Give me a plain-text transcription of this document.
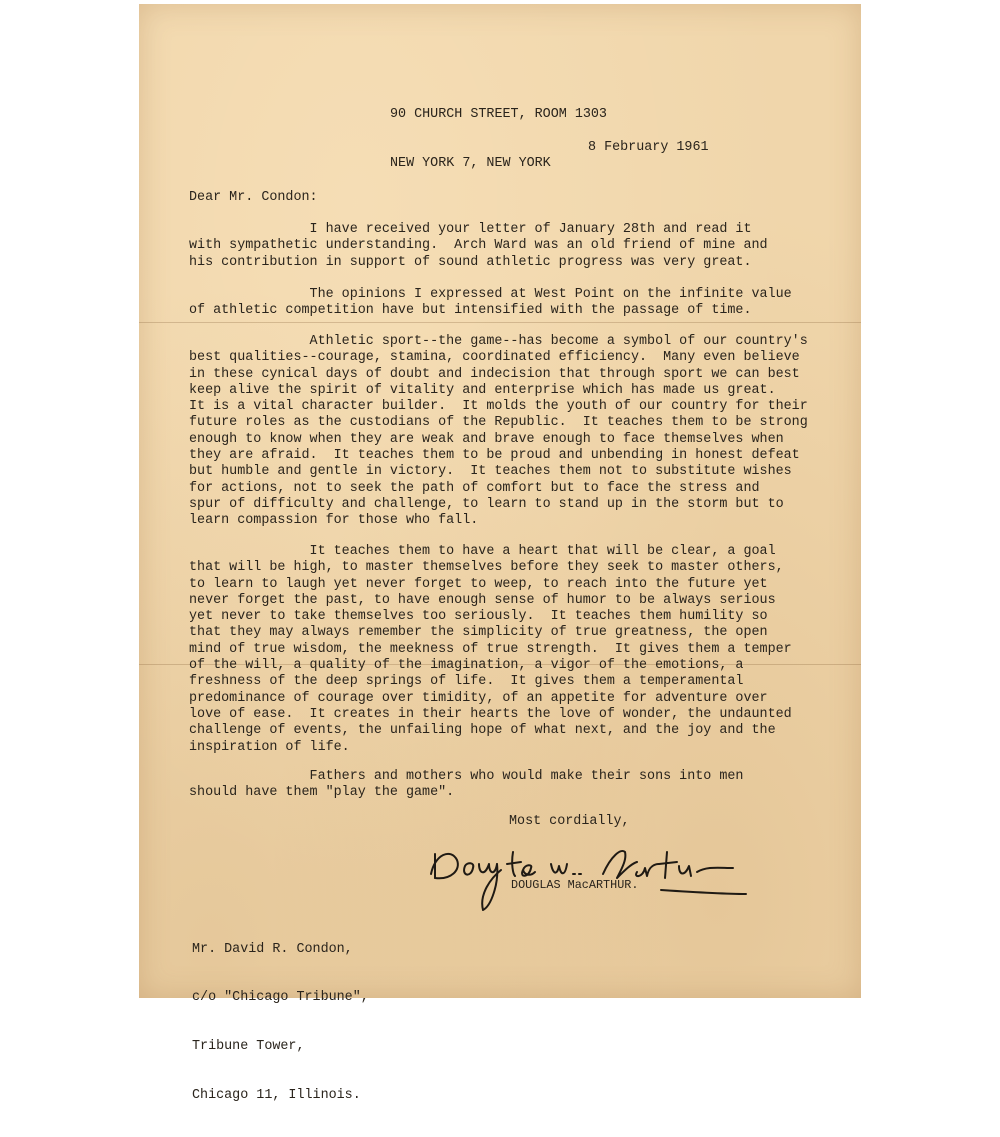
90 CHURCH STREET, ROOM 1303

NEW YORK 7, NEW YORK

8 February 1961
Dear Mr. Condon:
I have received your letter of January 28th and read it
with sympathetic understanding.  Arch Ward was an old friend of mine and
his contribution in support of sound athletic progress was very great.
The opinions I expressed at West Point on the infinite value
of athletic competition have but intensified with the passage of time.
Athletic sport--the game--has become a symbol of our country's
best qualities--courage, stamina, coordinated efficiency.  Many even believe
in these cynical days of doubt and indecision that through sport we can best
keep alive the spirit of vitality and enterprise which has made us great.
It is a vital character builder.  It molds the youth of our country for their
future roles as the custodians of the Republic.  It teaches them to be strong
enough to know when they are weak and brave enough to face themselves when
they are afraid.  It teaches them to be proud and unbending in honest defeat
but humble and gentle in victory.  It teaches them not to substitute wishes
for actions, not to seek the path of comfort but to face the stress and
spur of difficulty and challenge, to learn to stand up in the storm but to
learn compassion for those who fall.
It teaches them to have a heart that will be clear, a goal
that will be high, to master themselves before they seek to master others,
to learn to laugh yet never forget to weep, to reach into the future yet
never forget the past, to have enough sense of humor to be always serious
yet never to take themselves too seriously.  It teaches them humility so
that they may always remember the simplicity of true greatness, the open
mind of true wisdom, the meekness of true strength.  It gives them a temper
of the will, a quality of the imagination, a vigor of the emotions, a
freshness of the deep springs of life.  It gives them a temperamental
predominance of courage over timidity, of an appetite for adventure over
love of ease.  It creates in their hearts the love of wonder, the undaunted
challenge of events, the unfailing hope of what next, and the joy and the
inspiration of life.
Fathers and mothers who would make their sons into men
should have them "play the game".
Most cordially,
DOUGLAS MacARTHUR.

Mr. David R. Condon,

c/o "Chicago Tribune",

Tribune Tower,

Chicago 11, Illinois.
